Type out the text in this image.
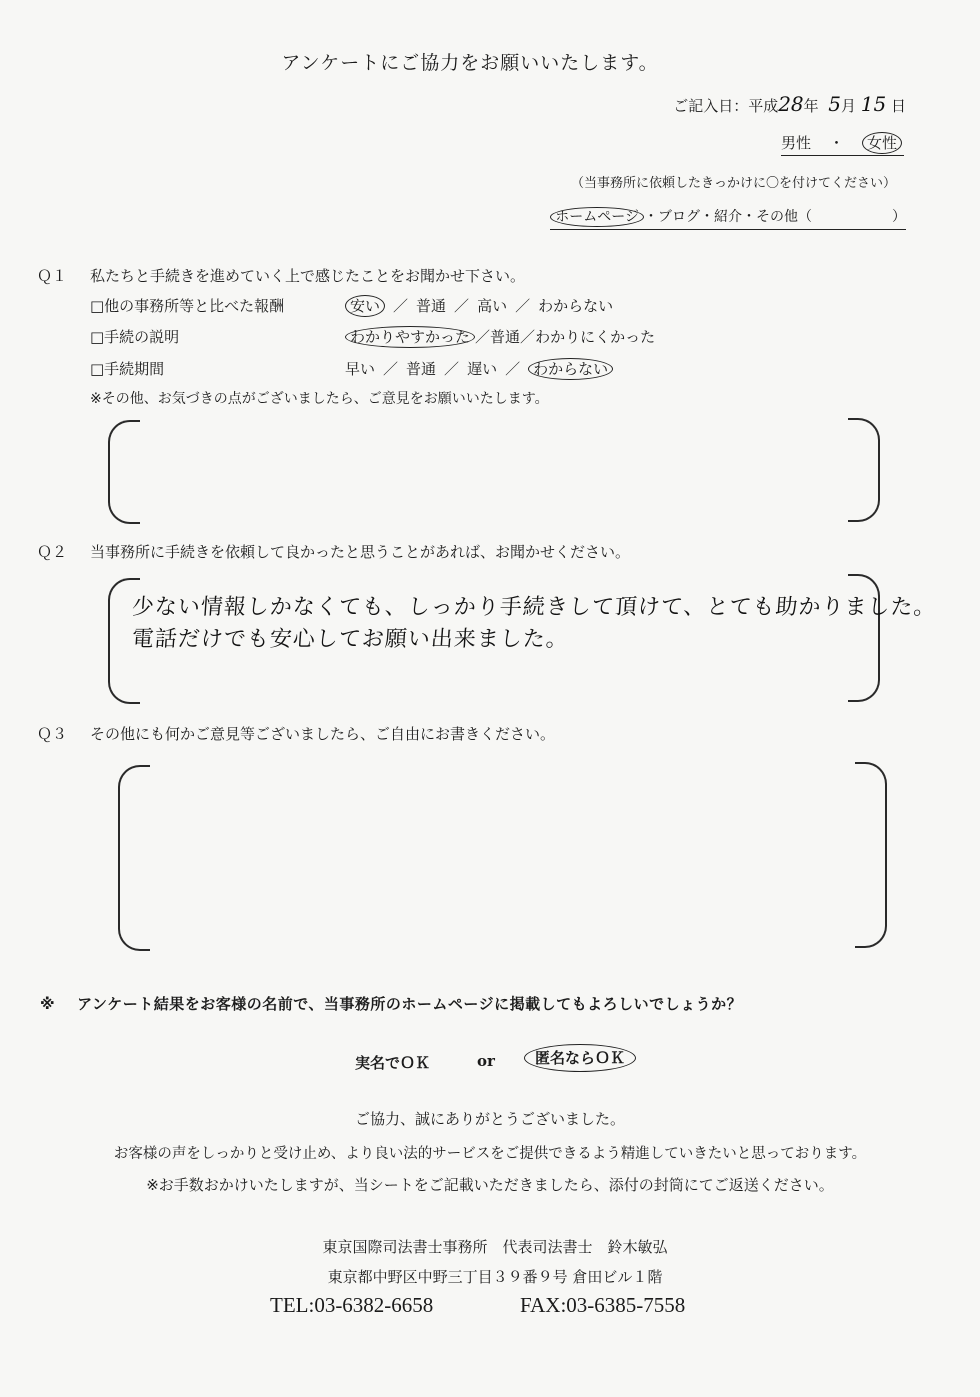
アンケートにご協力をお願いいたします。
ご記入日：平成28年 5月 15 日
男性 ・ 女性
（当事務所に依頼したきっかけに〇を付けてください）
ホームページ ・ブログ・紹介・その他（	）
Ｑ１ 私たちと手続きを進めていく上で感じたことをお聞かせ下さい。
□他の事務所等と比べた報酬	安い ／ 普通 ／ 高い ／ わからない
□手続の説明	わかりやすかった ／普通／わかりにくかった
□手続期間	早い ／ 普通 ／ 遅い ／ わからない
※その他、お気づきの点がございましたら、ご意見をお願いいたします。
Ｑ２ 当事務所に手続きを依頼して良かったと思うことがあれば、お聞かせください。
少ない情報しかなくても、しっかり手続きして頂けて、とても助かりました。
電話だけでも安心してお願い出来ました。
Ｑ３ その他にも何かご意見等ございましたら、ご自由にお書きください。
※ アンケート結果をお客様の名前で、当事務所のホームページに掲載してもよろしいでしょうか？
実名でＯＫ	or	匿名ならＯＫ
ご協力、誠にありがとうございました。
お客様の声をしっかりと受け止め、より良い法的サービスをご提供できるよう精進していきたいと思っております。
※お手数おかけいたしますが、当シートをご記載いただきましたら、添付の封筒にてご返送ください。
東京国際司法書士事務所　代表司法書士　鈴木敏弘
東京都中野区中野三丁目３９番９号 倉田ビル１階
TEL:03-6382-6658	FAX:03-6385-7558
